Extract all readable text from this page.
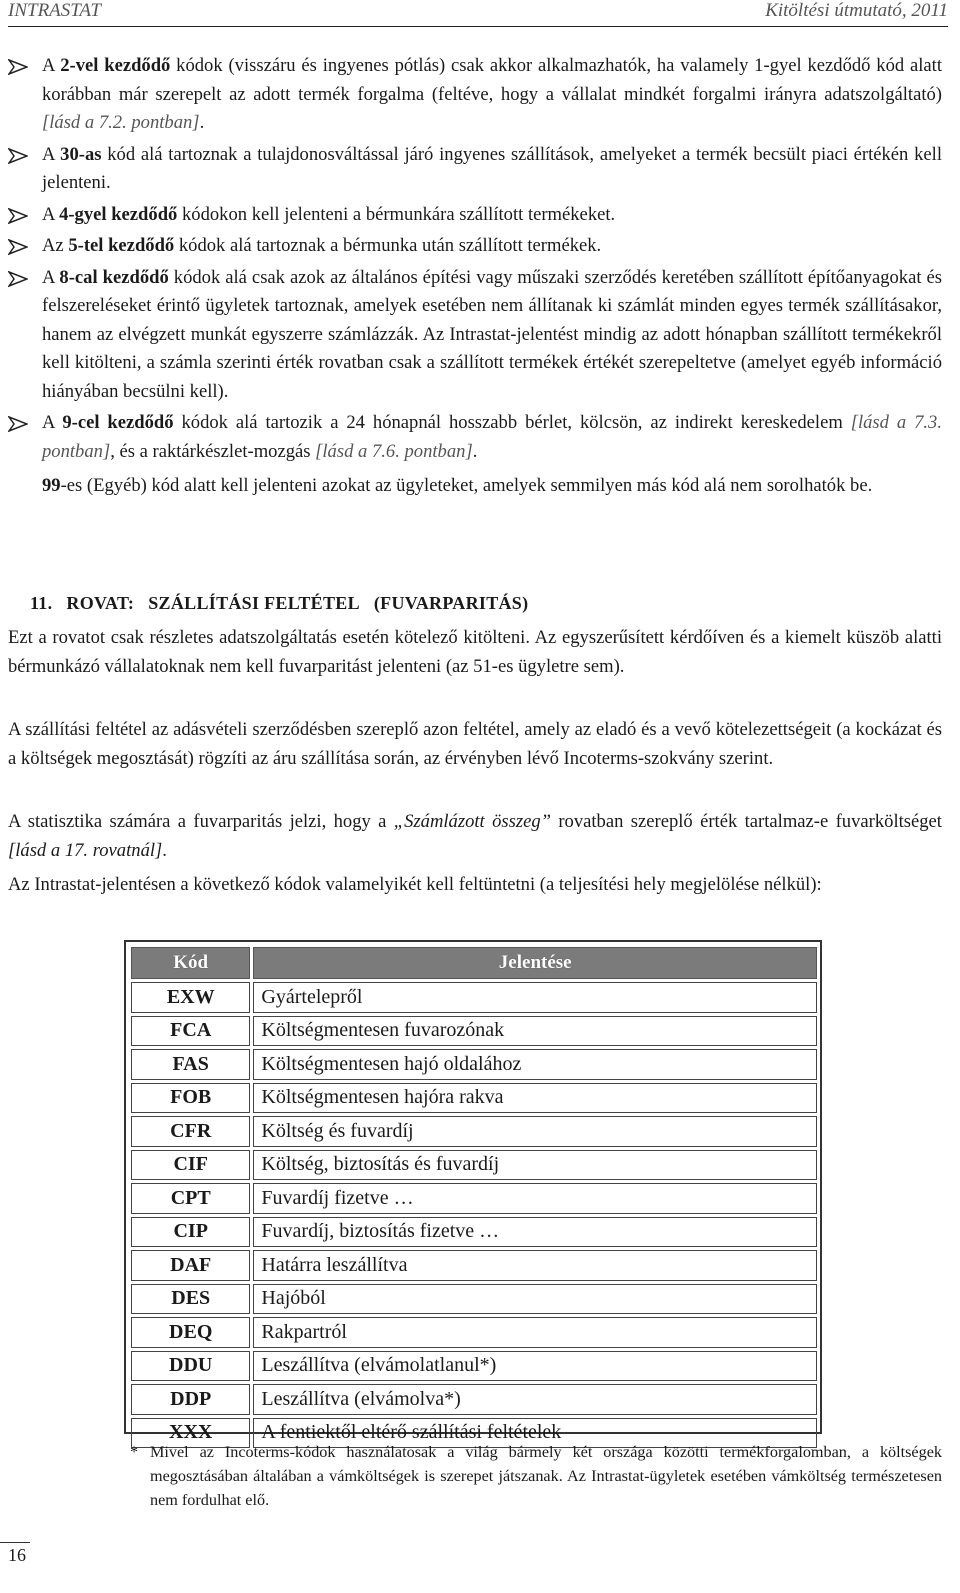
INTRASTAT	Kitöltési útmutató, 2011
A 2-vel kezdődő kódok (visszáru és ingyenes pótlás) csak akkor alkalmazhatók, ha valamely 1-gyel kezdődő kód alatt korábban már szerepelt az adott termék forgalma (feltéve, hogy a vállalat mindkét forgalmi irányra adatszolgáltató) [lásd a 7.2. pontban].
A 30-as kód alá tartoznak a tulajdonosváltással járó ingyenes szállítások, amelyeket a termék becsült piaci értékén kell jelenteni.
A 4-gyel kezdődő kódokon kell jelenteni a bérmunkára szállított termékeket.
Az 5-tel kezdődő kódok alá tartoznak a bérmunka után szállított termékek.
A 8-cal kezdődő kódok alá csak azok az általános építési vagy műszaki szerződés keretében szállított építőanyagokat és felszereléseket érintő ügyletek tartoznak, amelyek esetében nem állítanak ki számlát minden egyes termék szállításakor, hanem az elvégzett munkát egyszerre számlázzák. Az Intrastat-jelentést mindig az adott hónapban szállított termékekről kell kitölteni, a számla szerinti érték rovatban csak a szállított termékek értékét szerepeltetve (amelyet egyéb információ hiányában becsülni kell).
A 9-cel kezdődő kódok alá tartozik a 24 hónapnál hosszabb bérlet, kölcsön, az indirekt kereskedelem [lásd a 7.3. pontban], és a raktárkészlet-mozgás [lásd a 7.6. pontban].
99-es (Egyéb) kód alatt kell jelenteni azokat az ügyleteket, amelyek semmilyen más kód alá nem sorolhatók be.
11. ROVAT: SZÁLLÍTÁSI FELTÉTEL (FUVARPARITÁS)
Ezt a rovatot csak részletes adatszolgáltatás esetén kötelező kitölteni. Az egyszerűsített kérdőíven és a kiemelt küszöb alatti bérmunkázó vállalatoknak nem kell fuvarparitást jelenteni (az 51-es ügyletre sem).
A szállítási feltétel az adásvételi szerződésben szereplő azon feltétel, amely az eladó és a vevő kötelezettségeit (a kockázat és a költségek megosztását) rögzíti az áru szállítása során, az érvényben lévő Incoterms-szokvány szerint.
A statisztika számára a fuvarparitás jelzi, hogy a „Számlázott összeg” rovatban szereplő érték tartalmaz-e fuvarköltséget [lásd a 17. rovatnál].
Az Intrastat-jelentésen a következő kódok valamelyikét kell feltüntetni (a teljesítési hely megjelölése nélkül):
Kód	Jelentése
EXW	Gyártelepről
FCA	Költségmentesen fuvarozónak
FAS	Költségmentesen hajó oldalához
FOB	Költségmentesen hajóra rakva
CFR	Költség és fuvardíj
CIF	Költség, biztosítás és fuvardíj
CPT	Fuvardíj fizetve …
CIP	Fuvardíj, biztosítás fizetve …
DAF	Határra leszállítva
DES	Hajóból
DEQ	Rakpartról
DDU	Leszállítva (elvámolatlanul*)
DDP	Leszállítva (elvámolva*)
XXX	A fentiektől eltérő szállítási feltételek
* Mivel az Incoterms-kódok használatosak a világ bármely két országa közötti termékforgalomban, a költségek megosztásában általában a vámköltségek is szerepet játszanak. Az Intrastat-ügyletek esetében vámköltség természetesen nem fordulhat elő.
16
